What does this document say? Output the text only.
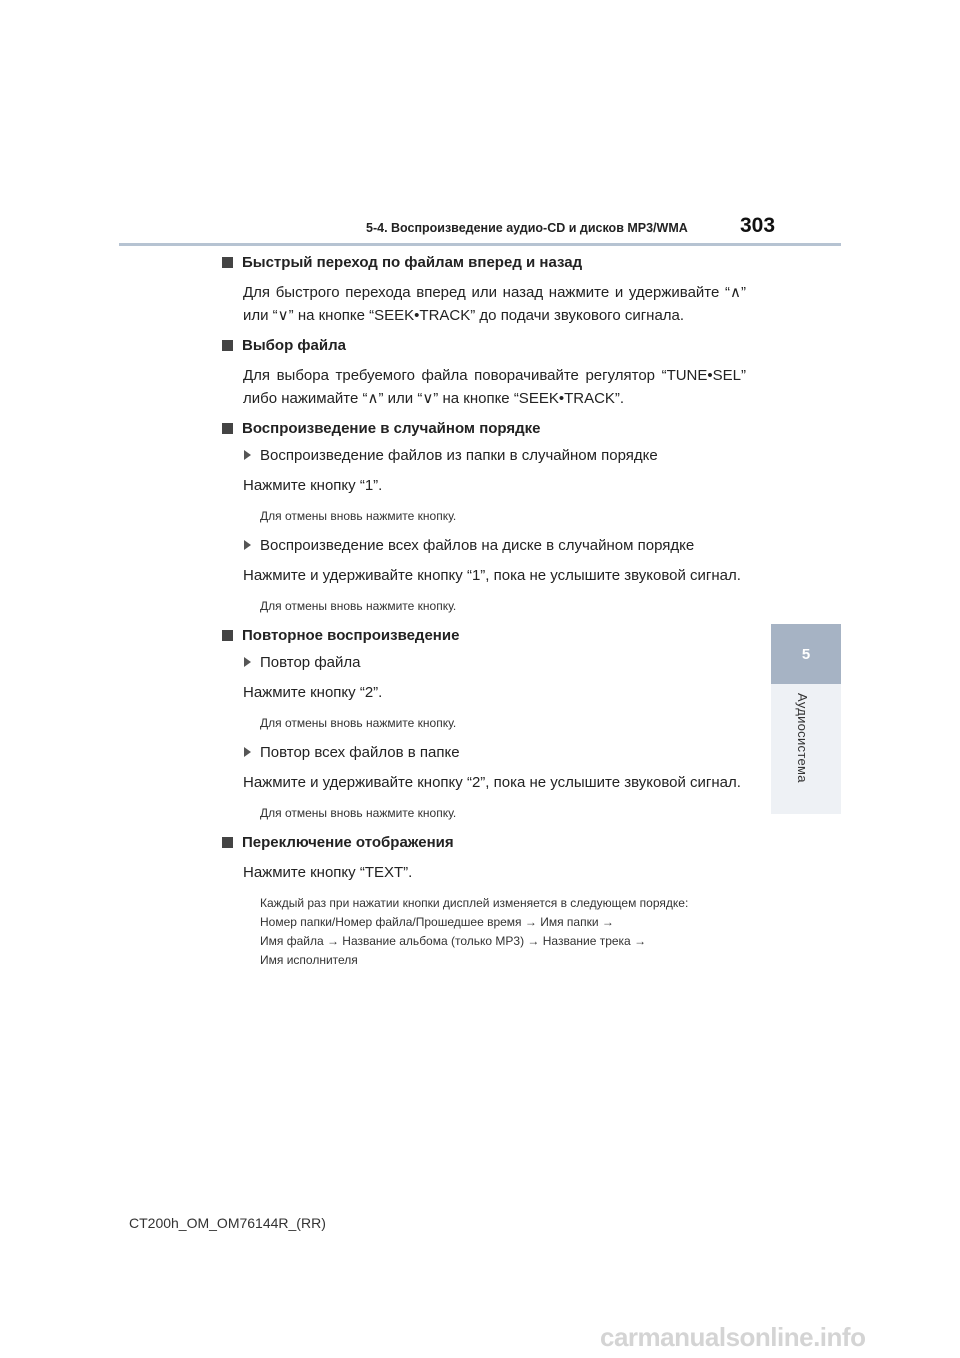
5-4. Воспроизведение аудио-CD и дисков MP3/WMA 303
5
Аудиосистема
Быстрый переход по файлам вперед и назад
Для быстрого перехода вперед или назад нажмите и удерживайте “∧” или “∨” на кнопке “SEEK•TRACK” до подачи звукового сигнала.
Выбор файла
Для выбора требуемого файла поворачивайте регулятор “TUNE•SEL” либо нажимайте “∧” или “∨” на кнопке “SEEK•TRACK”.
Воспроизведение в случайном порядке
Воспроизведение файлов из папки в случайном порядке
Нажмите кнопку “1”.
Для отмены вновь нажмите кнопку.
Воспроизведение всех файлов на диске в случайном порядке
Нажмите и удерживайте кнопку “1”, пока не услышите звуковой сигнал.
Для отмены вновь нажмите кнопку.
Повторное воспроизведение
Повтор файла
Нажмите кнопку “2”.
Для отмены вновь нажмите кнопку.
Повтор всех файлов в папке
Нажмите и удерживайте кнопку “2”, пока не услышите звуковой сигнал.
Для отмены вновь нажмите кнопку.
Переключение отображения
Нажмите кнопку “TEXT”.
Каждый раз при нажатии кнопки дисплей изменяется в следующем порядке:
Номер папки/Номер файла/Прошедшее время → Имя папки →
Имя файла → Название альбома (только MP3) → Название трека →
Имя исполнителя
CT200h_OM_OM76144R_(RR)
carmanualsonline.info
